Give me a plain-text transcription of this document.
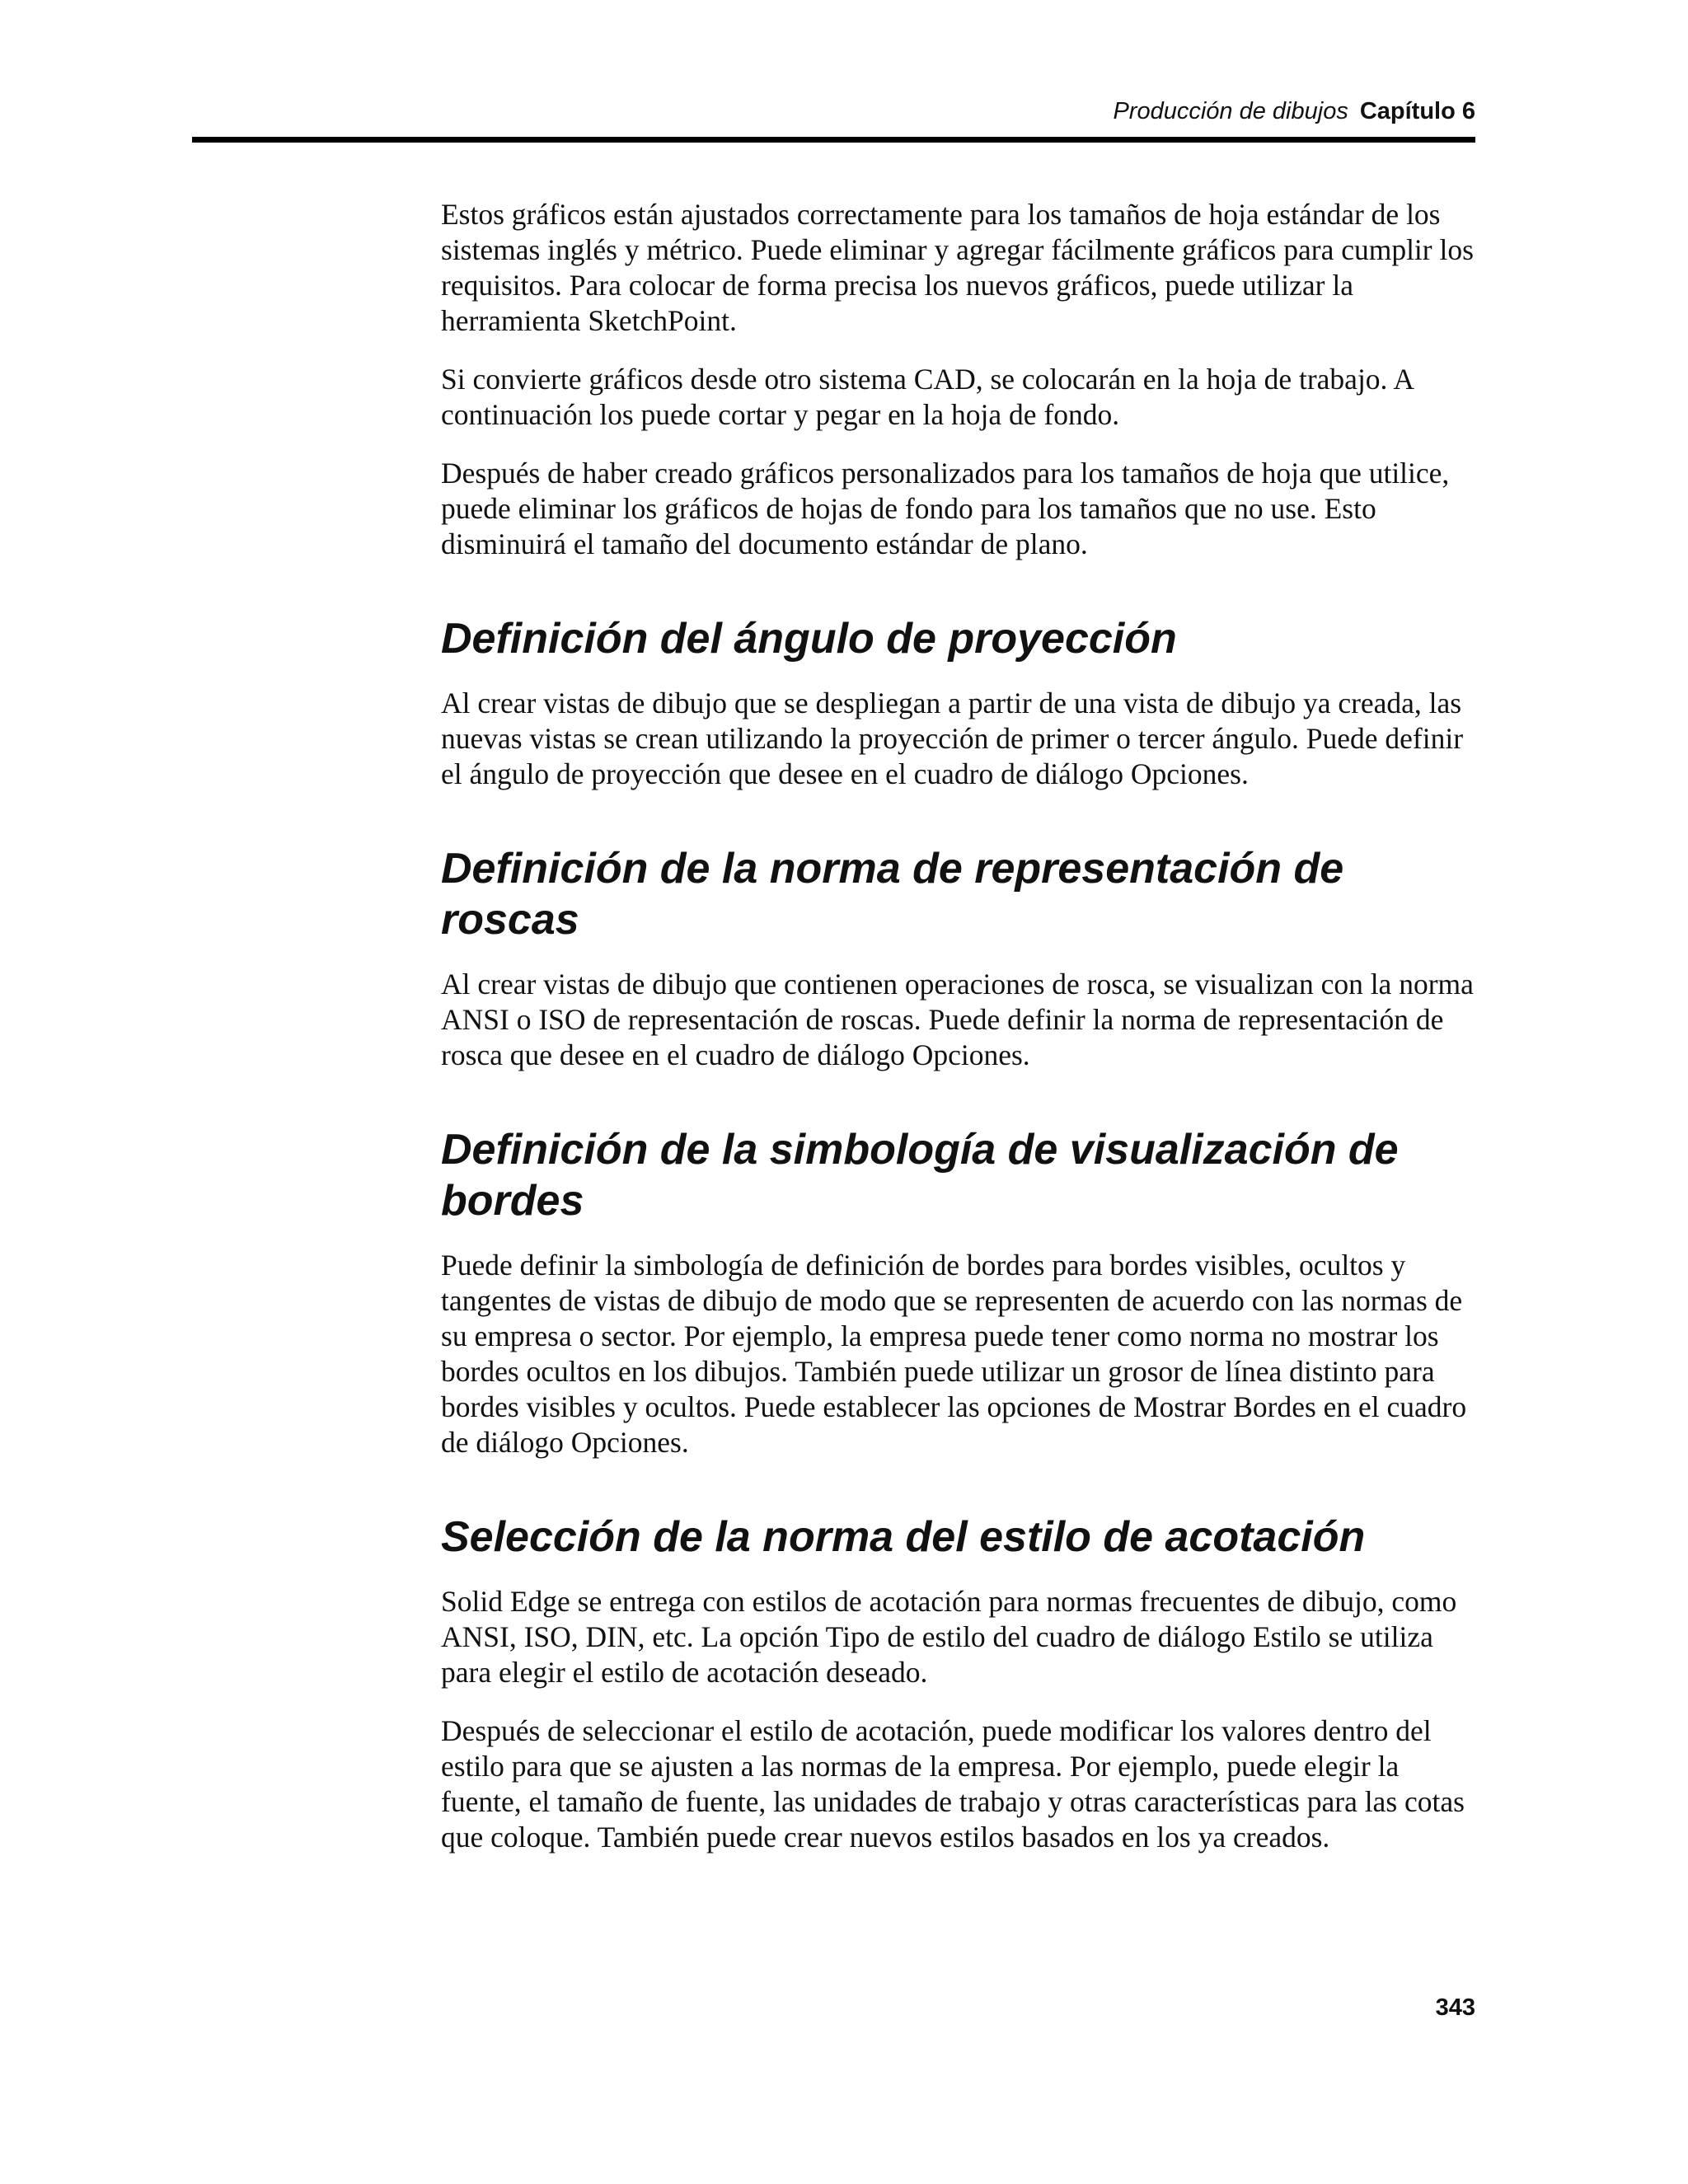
Producción de dibujos Capítulo 6

Estos gráficos están ajustados correctamente para los tamaños de hoja estándar de los sistemas inglés y métrico. Puede eliminar y agregar fácilmente gráficos para cumplir los requisitos. Para colocar de forma precisa los nuevos gráficos, puede utilizar la herramienta SketchPoint.

Si convierte gráficos desde otro sistema CAD, se colocarán en la hoja de trabajo. A continuación los puede cortar y pegar en la hoja de fondo.

Después de haber creado gráficos personalizados para los tamaños de hoja que utilice, puede eliminar los gráficos de hojas de fondo para los tamaños que no use. Esto disminuirá el tamaño del documento estándar de plano.

Definición del ángulo de proyección

Al crear vistas de dibujo que se despliegan a partir de una vista de dibujo ya creada, las nuevas vistas se crean utilizando la proyección de primer o tercer ángulo. Puede definir el ángulo de proyección que desee en el cuadro de diálogo Opciones.

Definición de la norma de representación de roscas

Al crear vistas de dibujo que contienen operaciones de rosca, se visualizan con la norma ANSI o ISO de representación de roscas. Puede definir la norma de representación de rosca que desee en el cuadro de diálogo Opciones.

Definición de la simbología de visualización de bordes

Puede definir la simbología de definición de bordes para bordes visibles, ocultos y tangentes de vistas de dibujo de modo que se representen de acuerdo con las normas de su empresa o sector. Por ejemplo, la empresa puede tener como norma no mostrar los bordes ocultos en los dibujos. También puede utilizar un grosor de línea distinto para bordes visibles y ocultos. Puede establecer las opciones de Mostrar Bordes en el cuadro de diálogo Opciones.

Selección de la norma del estilo de acotación

Solid Edge se entrega con estilos de acotación para normas frecuentes de dibujo, como ANSI, ISO, DIN, etc. La opción Tipo de estilo del cuadro de diálogo Estilo se utiliza para elegir el estilo de acotación deseado.

Después de seleccionar el estilo de acotación, puede modificar los valores dentro del estilo para que se ajusten a las normas de la empresa. Por ejemplo, puede elegir la fuente, el tamaño de fuente, las unidades de trabajo y otras características para las cotas que coloque. También puede crear nuevos estilos basados en los ya creados.

343
